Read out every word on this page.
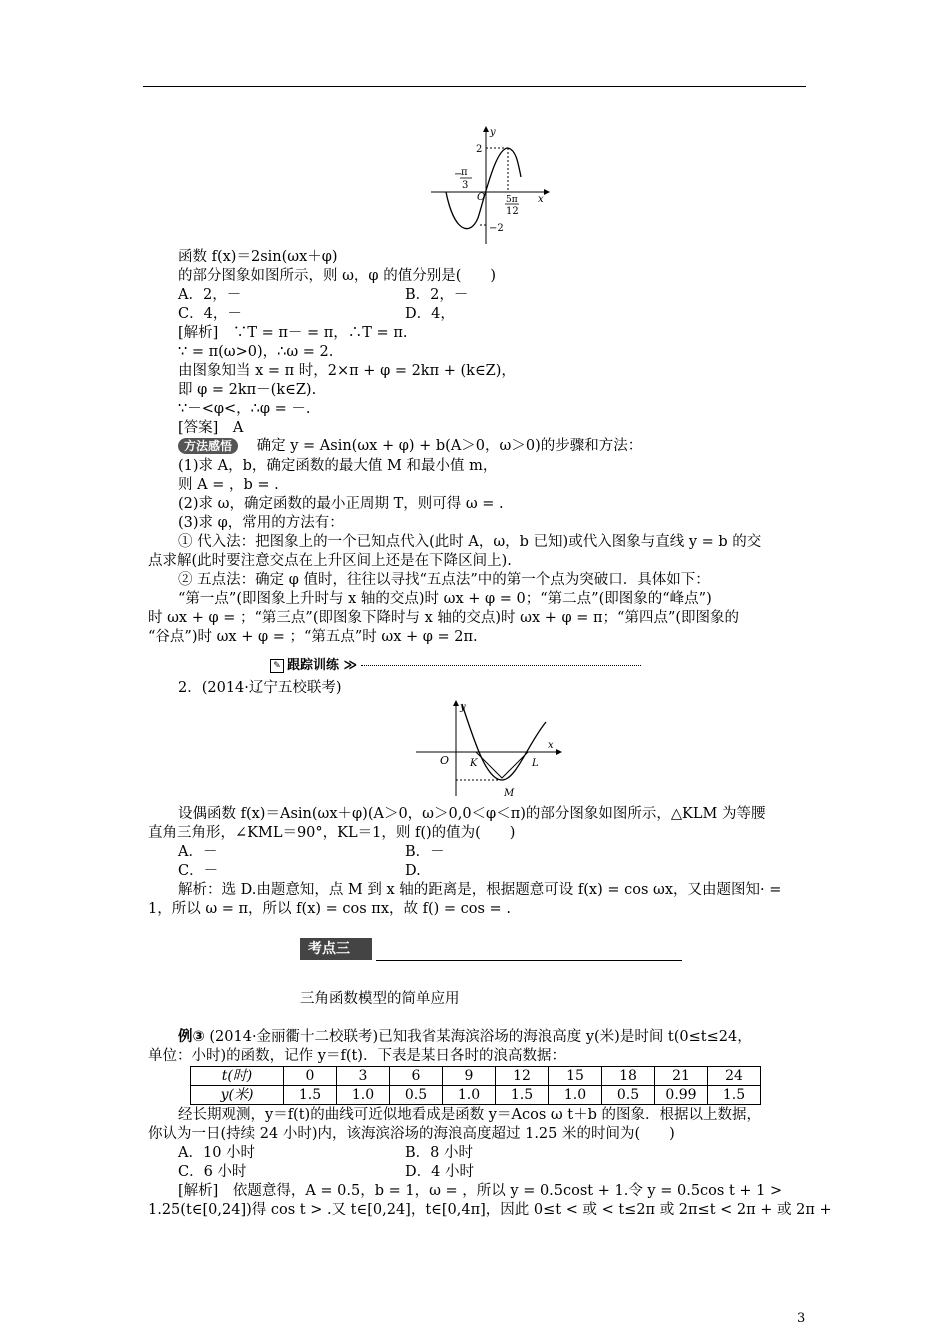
y
x
2
−2
O
−
π
3
5π
12
函数 f(x)＝2sin(ωx＋φ)
的部分图象如图所示，则 ω，φ 的值分别是(　　)
A．2，－	B．2，－
C．4，－	D．4，
[解析]　∵T = π－ = π，∴T = π.
∵ = π(ω>0)，∴ω = 2.
由图象知当 x = π 时，2×π + φ = 2kπ + (k∈Z)，
即 φ = 2kπ－(k∈Z).
∵－<φ<，∴φ = －.
[答案]　A
方法感悟 确定 y = Asin(ωx + φ) + b(A＞0，ω＞0)的步骤和方法：
(1)求 A，b，确定函数的最大值 M 和最小值 m，
则 A = ，b = .
(2)求 ω，确定函数的最小正周期 T，则可得 ω = .
(3)求 φ，常用的方法有：
① 代入法：把图象上的一个已知点代入(此时 A，ω，b 已知)或代入图象与直线 y = b 的交
点求解(此时要注意交点在上升区间上还是在下降区间上).
② 五点法：确定 φ 值时，往往以寻找“五点法”中的第一个点为突破口．具体如下：
“第一点”(即图象上升时与 x 轴的交点)时 ωx + φ = 0；“第二点”(即图象的“峰点”)
时 ωx + φ = ；“第三点”(即图象下降时与 x 轴的交点)时 ωx + φ = π；“第四点”(即图象的
“谷点”)时 ωx + φ = ；“第五点”时 ωx + φ = 2π.
✎ 跟踪训练 ≫
2．(2014·辽宁五校联考)
y
x
O K	L
M
设偶函数 f(x)＝Asin(ωx＋φ)(A＞0，ω＞0,0＜φ＜π)的部分图象如图所示，△KLM 为等腰
直角三角形，∠KML＝90°，KL＝1，则 f()的值为(　　)
A．－	B．－
C．－	D.
解析：选 D.由题意知，点 M 到 x 轴的距离是，根据题意可设 f(x) = cos ωx，又由题图知· =
1，所以 ω = π，所以 f(x) = cos πx，故 f() = cos = .
考点三
三角函数模型的简单应用
例③ (2014·金丽衢十二校联考)已知我省某海滨浴场的海浪高度 y(米)是时间 t(0≤t≤24，
单位：小时)的函数，记作 y＝f(t)．下表是某日各时的浪高数据：
t(时)	0	3	6	9	12	15	18	21	24
y(米)	1.5	1.0	0.5	1.0	1.5	1.0	0.5	0.99	1.5
经长期观测，y＝f(t)的曲线可近似地看成是函数 y＝Acos ω t＋b 的图象．根据以上数据，
你认为一日(持续 24 小时)内，该海滨浴场的海浪高度超过 1.25 米的时间为(　　)
A．10 小时	B．8 小时
C．6 小时	D．4 小时
[解析]　依题意得，A = 0.5，b = 1，ω = ，所以 y = 0.5cost + 1.令 y = 0.5cos t + 1 >
1.25(t∈[0,24])得 cos t > .又 t∈[0,24]，t∈[0,4π]，因此 0≤t < 或 < t≤2π 或 2π≤t < 2π + 或 2π +
3
